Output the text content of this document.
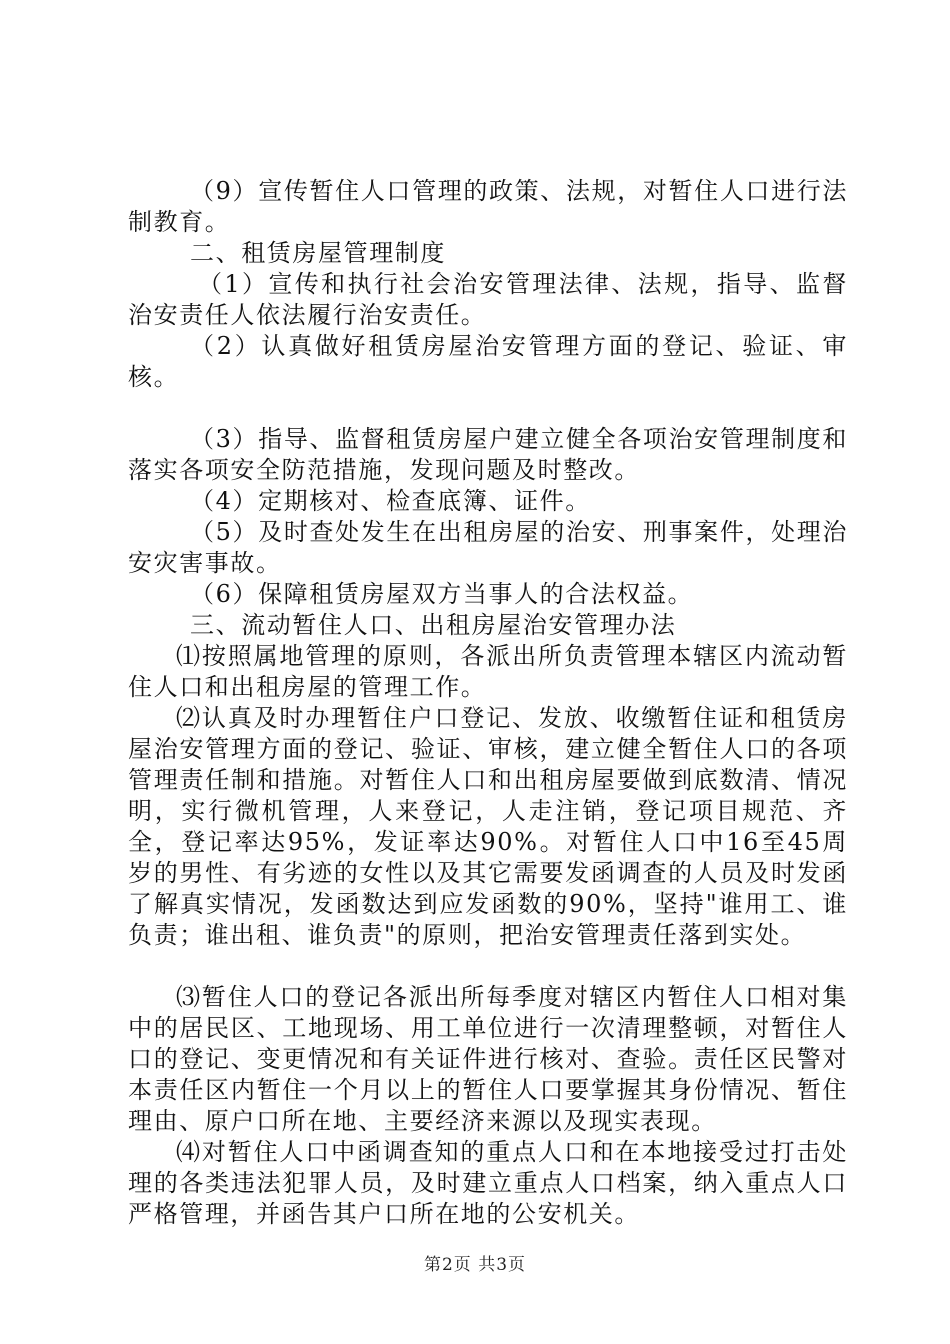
（9）宣传暂住人口管理的政策、法规，对暂住人口进行法制教育。

二、租赁房屋管理制度

（1）宣传和执行社会治安管理法律、法规，指导、监督治安责任人依法履行治安责任。

（2）认真做好租赁房屋治安管理方面的登记、验证、审核。

（3）指导、监督租赁房屋户建立健全各项治安管理制度和落实各项安全防范措施，发现问题及时整改。

（4）定期核对、检查底簿、证件。

（5）及时查处发生在出租房屋的治安、刑事案件，处理治安灾害事故。

（6）保障租赁房屋双方当事人的合法权益。

三、流动暂住人口、出租房屋治安管理办法

⑴按照属地管理的原则，各派出所负责管理本辖区内流动暂住人口和出租房屋的管理工作。

⑵认真及时办理暂住户口登记、发放、收缴暂住证和租赁房屋治安管理方面的登记、验证、审核，建立健全暂住人口的各项管理责任制和措施。对暂住人口和出租房屋要做到底数清、情况明，实行微机管理，人来登记，人走注销，登记项目规范、齐全，登记率达95%，发证率达90%。对暂住人口中16至45周岁的男性、有劣迹的女性以及其它需要发函调查的人员及时发函了解真实情况，发函数达到应发函数的90%，坚持"谁用工、谁负责；谁出租、谁负责"的原则，把治安管理责任落到实处。

⑶暂住人口的登记各派出所每季度对辖区内暂住人口相对集中的居民区、工地现场、用工单位进行一次清理整顿，对暂住人口的登记、变更情况和有关证件进行核对、查验。责任区民警对本责任区内暂住一个月以上的暂住人口要掌握其身份情况、暂住理由、原户口所在地、主要经济来源以及现实表现。

⑷对暂住人口中函调查知的重点人口和在本地接受过打击处理的各类违法犯罪人员，及时建立重点人口档案，纳入重点人口严格管理，并函告其户口所在地的公安机关。

第2页 共3页
